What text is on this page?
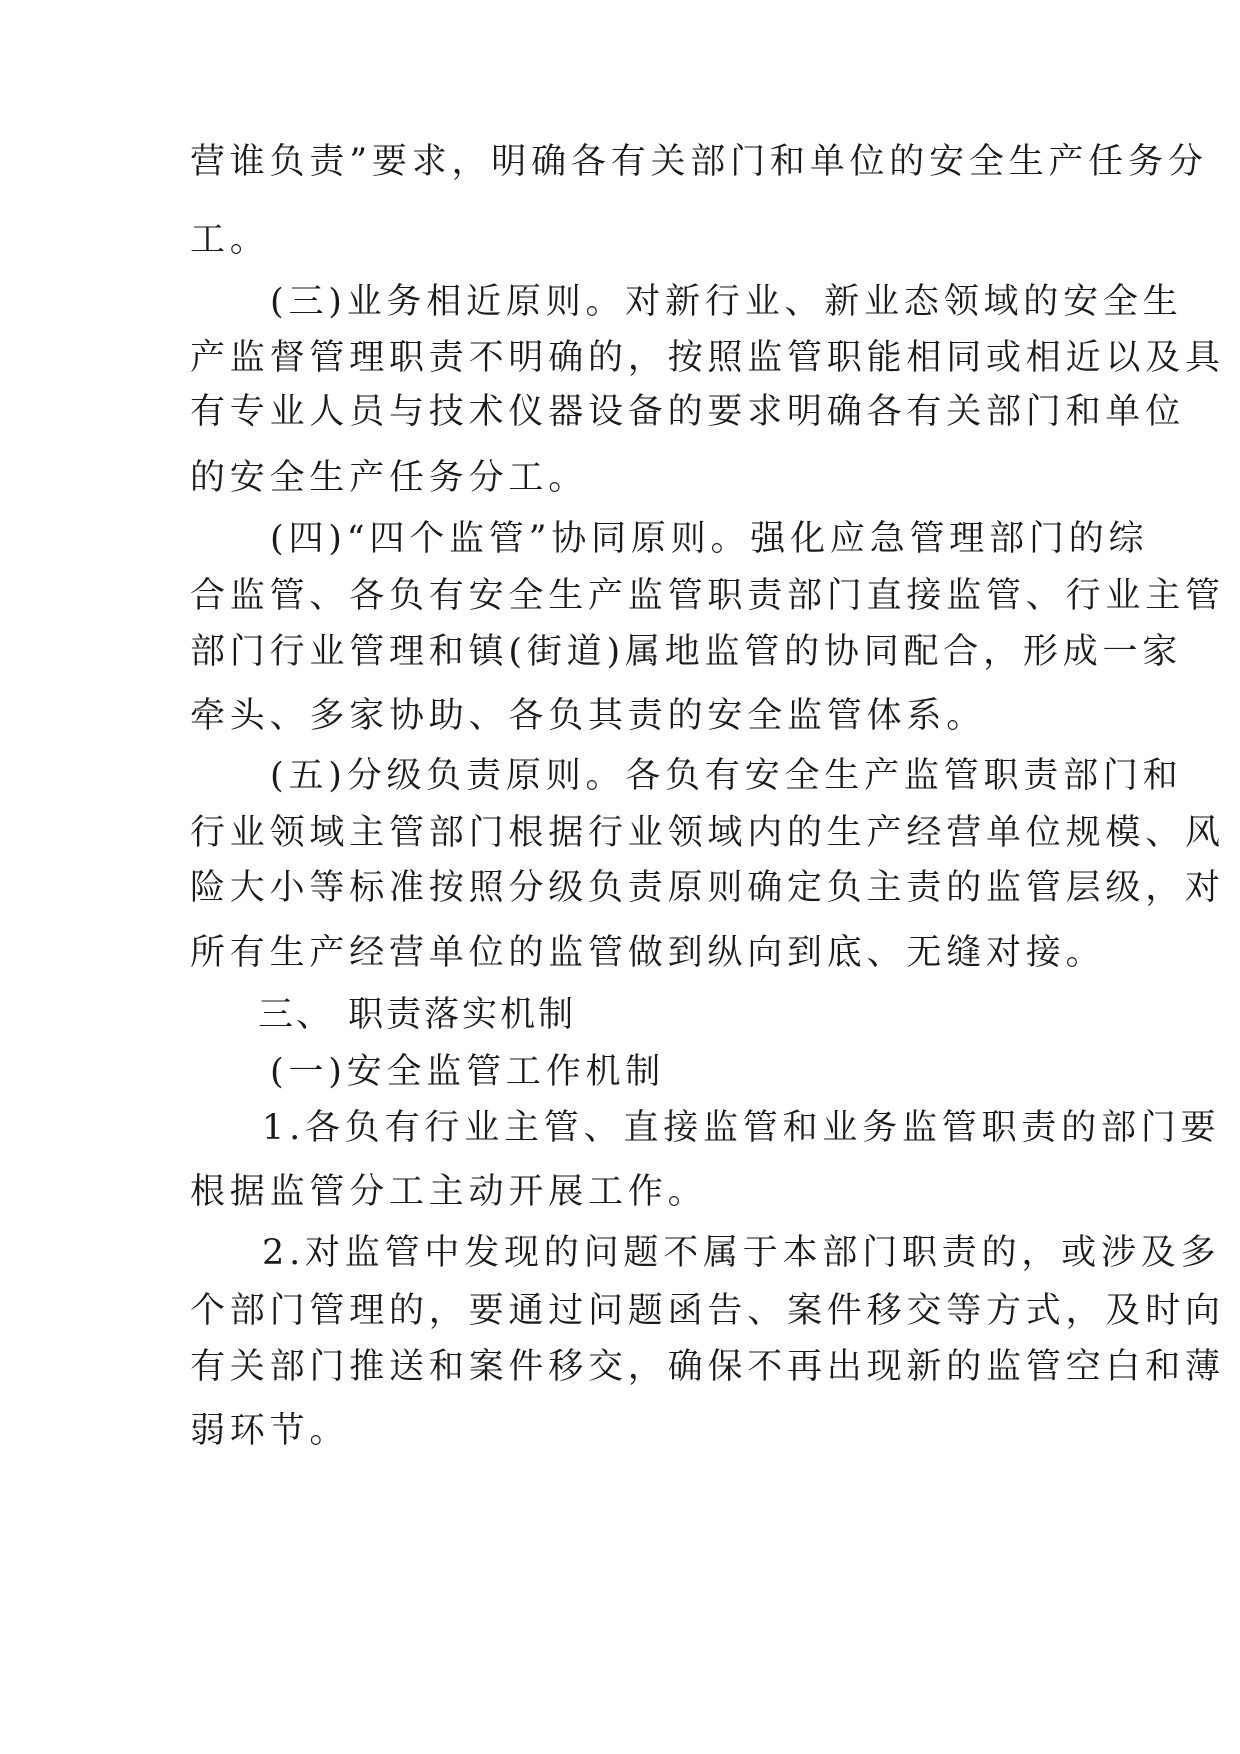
营谁负责”要求，明确各有关部门和单位的安全生产任务分
工。
(三)业务相近原则。对新行业、新业态领域的安全生
产监督管理职责不明确的，按照监管职能相同或相近以及具
有专业人员与技术仪器设备的要求明确各有关部门和单位
的安全生产任务分工。
(四)“四个监管”协同原则。强化应急管理部门的综
合监管、各负有安全生产监管职责部门直接监管、行业主管
部门行业管理和镇(街道)属地监管的协同配合，形成一家
牵头、多家协助、各负其责的安全监管体系。
(五)分级负责原则。各负有安全生产监管职责部门和
行业领域主管部门根据行业领域内的生产经营单位规模、风
险大小等标准按照分级负责原则确定负主责的监管层级，对
所有生产经营单位的监管做到纵向到底、无缝对接。
三、 职责落实机制
(一)安全监管工作机制
1.各负有行业主管、直接监管和业务监管职责的部门要
根据监管分工主动开展工作。
2.对监管中发现的问题不属于本部门职责的，或涉及多
个部门管理的，要通过问题函告、案件移交等方式，及时向
有关部门推送和案件移交，确保不再出现新的监管空白和薄
弱环节。
